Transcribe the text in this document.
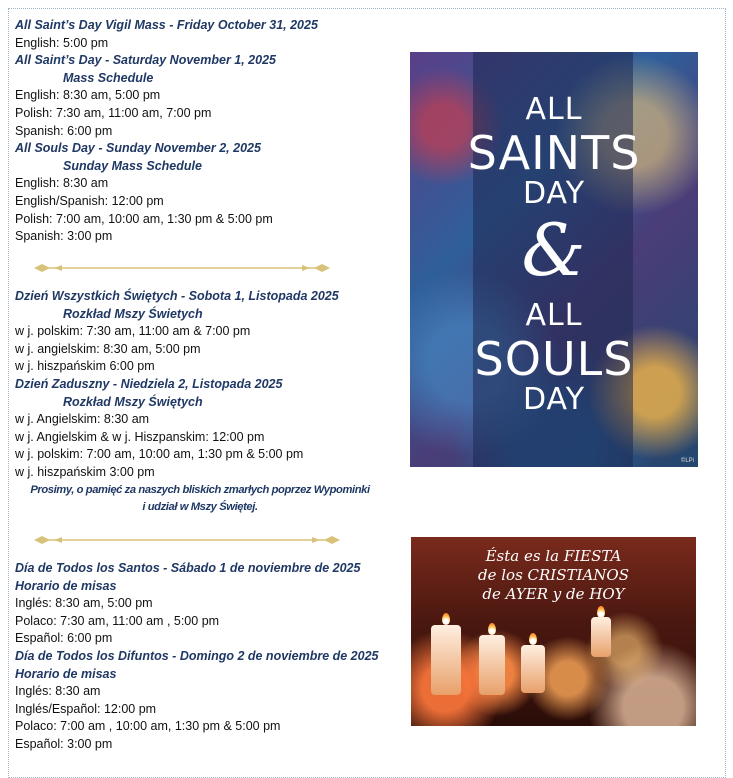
All Saint’s Day Vigil Mass - Friday October 31, 2025
English: 5:00 pm
All Saint’s Day - Saturday November 1, 2025
Mass Schedule
English: 8:30 am, 5:00 pm
Polish: 7:30 am, 11:00 am, 7:00 pm
Spanish: 6:00 pm
All Souls Day - Sunday November 2, 2025
Sunday Mass Schedule
English: 8:30 am
English/Spanish: 12:00 pm
Polish: 7:00 am, 10:00 am, 1:30 pm & 5:00 pm
Spanish: 3:00 pm
Dzień Wszystkich Świętych - Sobota 1, Listopada 2025
Rozkład Mszy Świetych
w j. polskim: 7:30 am, 11:00 am & 7:00 pm
w j. angielskim: 8:30 am, 5:00 pm
w j. hiszpańskim 6:00 pm
Dzień Zaduszny - Niedziela 2, Listopada 2025
Rozkład Mszy Świętych
w j. Angielskim: 8:30 am
w j. Angielskim & w j. Hiszpanskim: 12:00 pm
w j. polskim: 7:00 am, 10:00 am, 1:30 pm & 5:00 pm
w j. hiszpańskim 3:00 pm
Prosimy, o pamięć za naszych bliskich zmarłych poprzez Wypominki
i udział w Mszy Świętej.
Día de Todos los Santos - Sábado 1 de noviembre de 2025
Horario de misas
Inglés: 8:30 am, 5:00 pm
Polaco: 7:30 am, 11:00 am , 5:00 pm
Español: 6:00 pm
Día de Todos los Difuntos - Domingo 2 de noviembre de 2025
Horario de misas
Inglés: 8:30 am
Inglés/Español: 12:00 pm
Polaco: 7:00 am , 10:00 am, 1:30 pm & 5:00 pm
Español: 3:00 pm
ALL
SAINTS
DAY
&
ALL
SOULS
DAY
©LPi
Ésta es la FIESTA
de los CRISTIANOS
de AYER y de HOY
